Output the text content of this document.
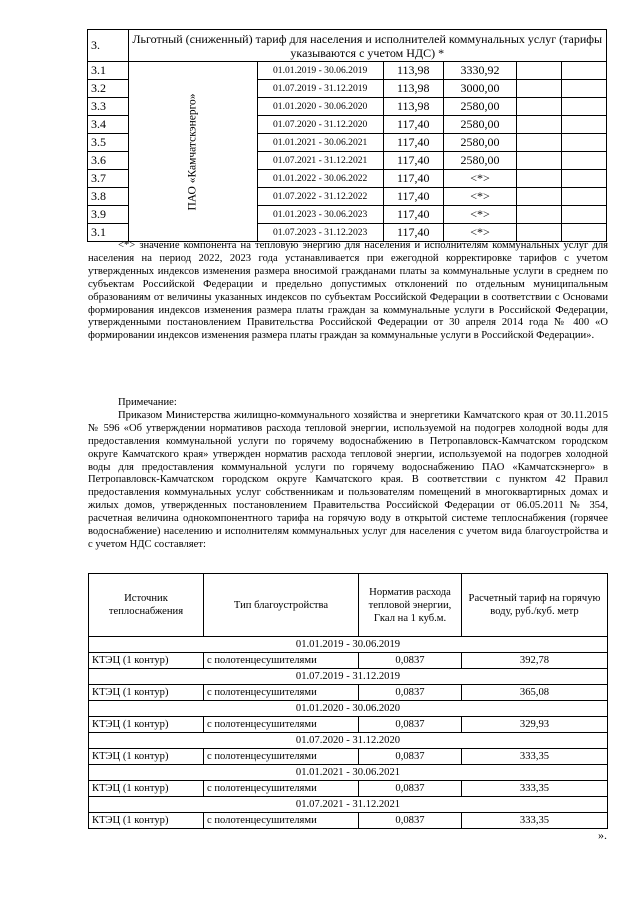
3.	Льготный (сниженный) тариф для населения и исполнителей коммунальных услуг (тарифы указываются с учетом НДС) *					
3.1	ПАО «Камчатскэнерго»	01.01.2019 - 30.06.2019	113,98	3330,92		
3.2		01.07.2019 - 31.12.2019	113,98	3000,00		
3.3		01.01.2020 - 30.06.2020	113,98	2580,00		
3.4		01.07.2020 - 31.12.2020	117,40	2580,00		
3.5		01.01.2021 - 30.06.2021	117,40	2580,00		
3.6		01.07.2021 - 31.12.2021	117,40	2580,00		
3.7		01.01.2022 - 30.06.2022	117,40	<*>		
3.8		01.07.2022 - 31.12.2022	117,40	<*>		
3.9		01.01.2023 - 30.06.2023	117,40	<*>		
3.1		01.07.2023 - 31.12.2023	117,40	<*>		

<*> значение компонента на тепловую энергию для населения и исполнителям коммунальных услуг для населения на период 2022, 2023 года устанавливается при ежегодной корректировке тарифов с учетом утвержденных индексов изменения размера вносимой гражданами платы за коммунальные услуги в среднем по субъектам Российской Федерации и предельно допустимых отклонений по отдельным муниципальным образованиям от величины указанных индексов по субъектам Российской Федерации в соответствии с Основами формирования индексов изменения размера платы граждан за коммунальные услуги в Российской Федерации, утвержденными постановлением Правительства Российской Федерации от 30 апреля 2014 года № 400 «О формировании индексов изменения размера платы граждан за коммунальные услуги в Российской Федерации».

Примечание:

Приказом Министерства жилищно-коммунального хозяйства и энергетики Камчатского края от 30.11.2015 № 596 «Об утверждении нормативов расхода тепловой энергии, используемой на подогрев холодной воды для предоставления коммунальной услуги по горячему водоснабжению в Петропавловск-Камчатском городском округе Камчатского края» утвержден норматив расхода тепловой энергии, используемой на подогрев холодной воды для предоставления коммунальной услуги по горячему водоснабжению ПАО «Камчатскэнерго» в Петропавловск-Камчатском городском округе Камчатского края. В соответствии с пунктом 42 Правил предоставления коммунальных услуг собственникам и пользователям помещений в многоквартирных домах и жилых домов, утвержденных постановлением Правительства Российской Федерации от 06.05.2011 № 354, расчетная величина однокомпонентного тарифа на горячую воду в открытой системе теплоснабжения (горячее водоснабжение) населению и исполнителям коммунальных услуг для населения с учетом вида благоустройства и с учетом НДС составляет:

Источник теплоснабжения	Тип благоустройства	Норматив расхода тепловой энергии, Гкал на 1 куб.м.	Расчетный тариф на горячую воду, руб./куб. метр
01.01.2019 - 30.06.2019			
КТЭЦ (1 контур)	с полотенцесушителями	0,0837	392,78
01.07.2019 - 31.12.2019			
КТЭЦ (1 контур)	с полотенцесушителями	0,0837	365,08
01.01.2020 - 30.06.2020			
КТЭЦ (1 контур)	с полотенцесушителями	0,0837	329,93
01.07.2020 - 31.12.2020			
КТЭЦ (1 контур)	с полотенцесушителями	0,0837	333,35
01.01.2021 - 30.06.2021			
КТЭЦ (1 контур)	с полотенцесушителями	0,0837	333,35
01.07.2021 - 31.12.2021			
КТЭЦ (1 контур)	с полотенцесушителями	0,0837	333,35
».
